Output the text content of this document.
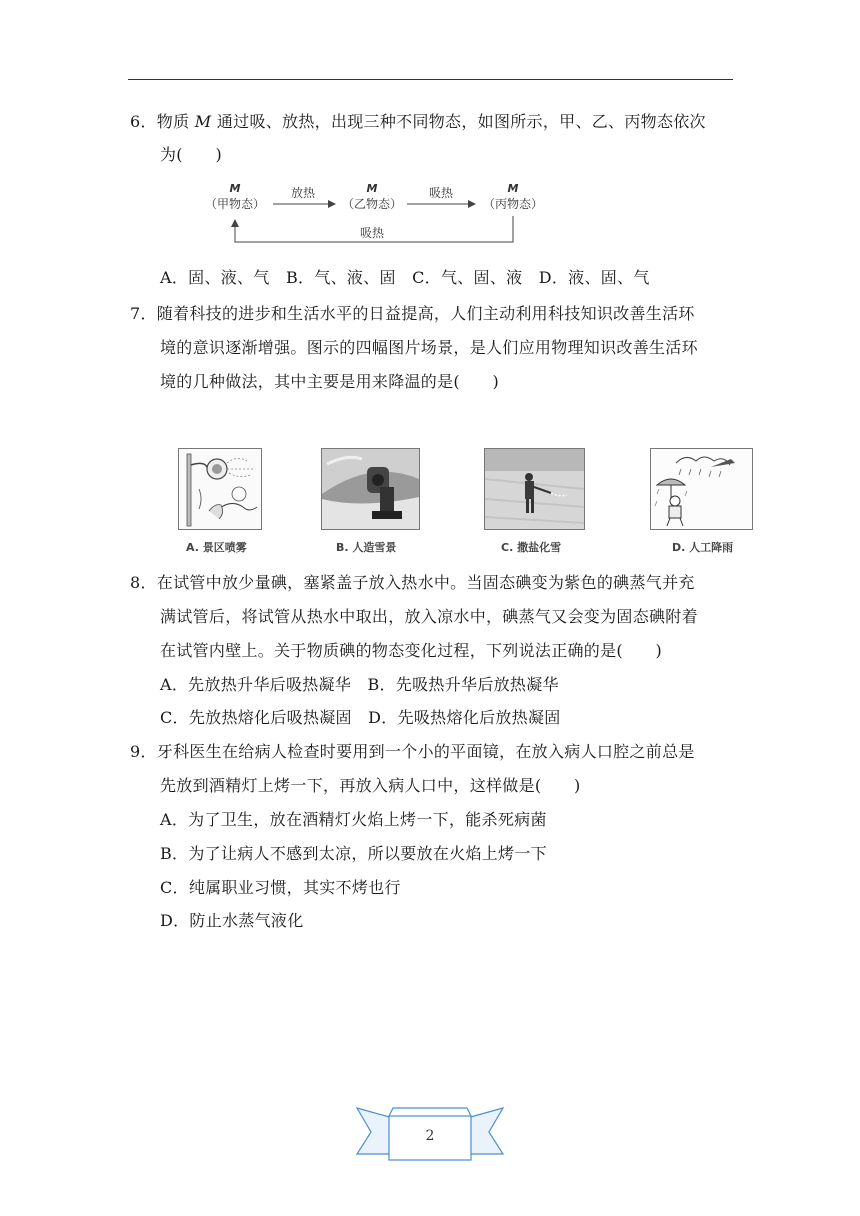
6．物质 M 通过吸、放热，出现三种不同物态，如图所示，甲、乙、丙物态依次
为(　　)
M
（甲物态）
M
（乙物态）
M
（丙物态）
放热	吸热
吸热
A．固、液、气　B．气、液、固　C．气、固、液　D．液、固、气
7．随着科技的进步和生活水平的日益提高，人们主动利用科技知识改善生活环
境的意识逐渐增强。图示的四幅图片场景，是人们应用物理知识改善生活环
境的几种做法，其中主要是用来降温的是(　　)
A. 景区喷雾	B. 人造雪景	C. 撒盐化雪	D. 人工降雨
8．在试管中放少量碘，塞紧盖子放入热水中。当固态碘变为紫色的碘蒸气并充
满试管后，将试管从热水中取出，放入凉水中，碘蒸气又会变为固态碘附着
在试管内壁上。关于物质碘的物态变化过程，下列说法正确的是(　　)
A．先放热升华后吸热凝华　B．先吸热升华后放热凝华
C．先放热熔化后吸热凝固　D．先吸热熔化后放热凝固
9．牙科医生在给病人检查时要用到一个小的平面镜，在放入病人口腔之前总是
先放到酒精灯上烤一下，再放入病人口中，这样做是(　　)
A．为了卫生，放在酒精灯火焰上烤一下，能杀死病菌
B．为了让病人不感到太凉，所以要放在火焰上烤一下
C．纯属职业习惯，其实不烤也行
D．防止水蒸气液化
2
